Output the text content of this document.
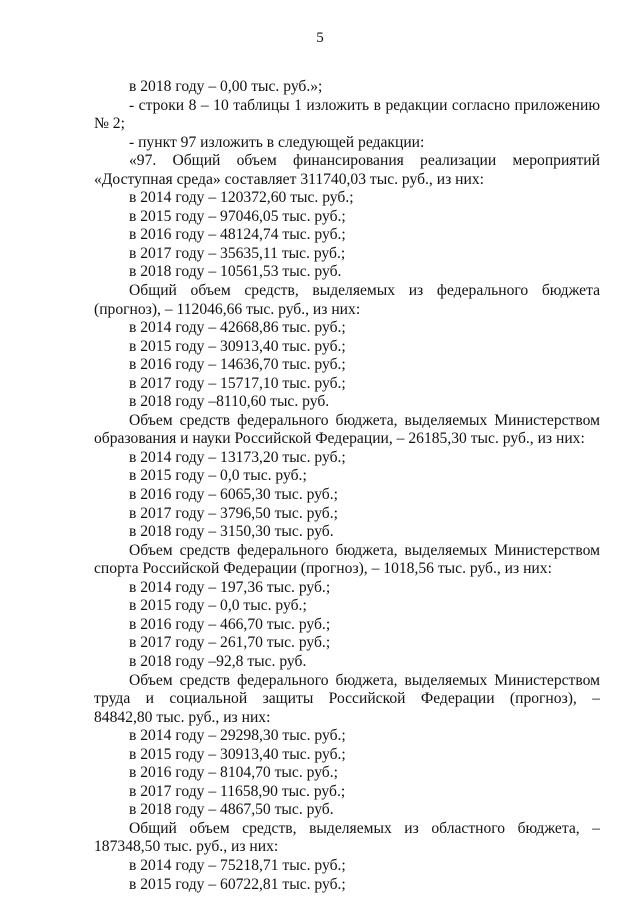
5
в 2018 году – 0,00 тыс. руб.»;
- строки 8 – 10 таблицы 1 изложить в редакции согласно приложению
№ 2;
- пункт 97 изложить в следующей редакции:
«97. Общий объем финансирования реализации мероприятий
«Доступная среда» составляет 311740,03 тыс. руб., из них:
в 2014 году – 120372,60 тыс. руб.;
в 2015 году – 97046,05 тыс. руб.;
в 2016 году – 48124,74 тыс. руб.;
в 2017 году – 35635,11 тыс. руб.;
в 2018 году – 10561,53 тыс. руб.
Общий объем средств, выделяемых из федерального бюджета
(прогноз), – 112046,66 тыс. руб., из них:
в 2014 году – 42668,86 тыс. руб.;
в 2015 году – 30913,40 тыс. руб.;
в 2016 году – 14636,70 тыс. руб.;
в 2017 году – 15717,10 тыс. руб.;
в 2018 году –8110,60 тыс. руб.
Объем средств федерального бюджета, выделяемых Министерством
образования и науки Российской Федерации, – 26185,30 тыс. руб., из них:
в 2014 году – 13173,20 тыс. руб.;
в 2015 году – 0,0 тыс. руб.;
в 2016 году – 6065,30 тыс. руб.;
в 2017 году – 3796,50 тыс. руб.;
в 2018 году – 3150,30 тыс. руб.
Объем средств федерального бюджета, выделяемых Министерством
спорта Российской Федерации (прогноз), – 1018,56 тыс. руб., из них:
в 2014 году – 197,36 тыс. руб.;
в 2015 году – 0,0 тыс. руб.;
в 2016 году – 466,70 тыс. руб.;
в 2017 году – 261,70 тыс. руб.;
в 2018 году –92,8 тыс. руб.
Объем средств федерального бюджета, выделяемых Министерством
труда и социальной защиты Российской Федерации (прогноз), –
84842,80 тыс. руб., из них:
в 2014 году – 29298,30 тыс. руб.;
в 2015 году – 30913,40 тыс. руб.;
в 2016 году – 8104,70 тыс. руб.;
в 2017 году – 11658,90 тыс. руб.;
в 2018 году – 4867,50 тыс. руб.
Общий объем средств, выделяемых из областного бюджета, –
187348,50 тыс. руб., из них:
в 2014 году – 75218,71 тыс. руб.;
в 2015 году – 60722,81 тыс. руб.;
